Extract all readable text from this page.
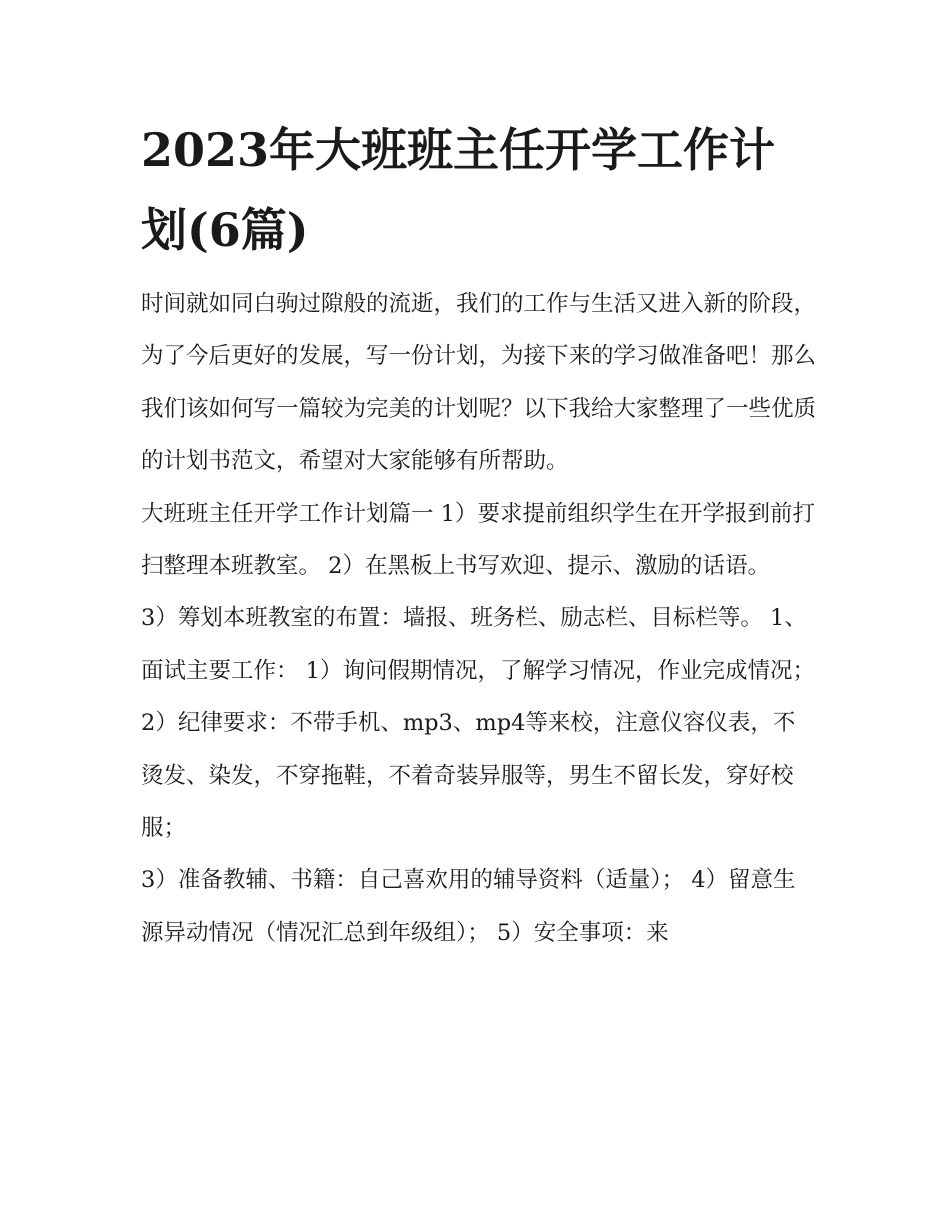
2023年大班班主任开学工作计划(6篇)

时间就如同白驹过隙般的流逝，我们的工作与生活又进入新的阶段，为了今后更好的发展，写一份计划，为接下来的学习做准备吧！那么我们该如何写一篇较为完美的计划呢？以下我给大家整理了一些优质的计划书范文，希望对大家能够有所帮助。

大班班主任开学工作计划篇一 1）要求提前组织学生在开学报到前打扫整理本班教室。 2）在黑板上书写欢迎、提示、激励的话语。

3）筹划本班教室的布置：墙报、班务栏、励志栏、目标栏等。 1、面试主要工作： 1）询问假期情况，了解学习情况，作业完成情况；

2）纪律要求：不带手机、mp3、mp4等来校，注意仪容仪表，不烫发、染发，不穿拖鞋，不着奇装异服等，男生不留长发，穿好校服；

3）准备教辅、书籍：自己喜欢用的辅导资料（适量）； 4）留意生源异动情况（情况汇总到年级组）； 5）安全事项：来
